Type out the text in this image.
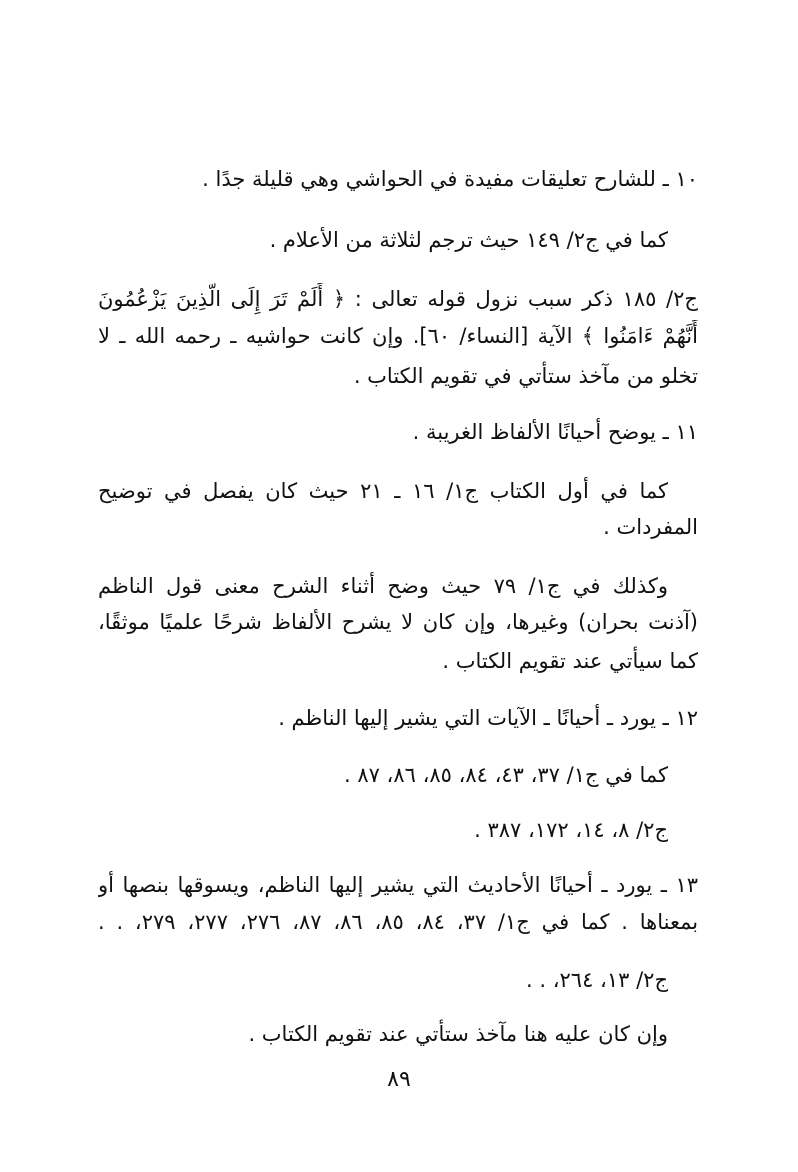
١٠ ـ للشارح تعليقات مفيدة في الحواشي وهي قليلة جدًا .
كما في ج٢/ ١٤٩ حيث ترجم لثلاثة من الأعلام .
ج٢/ ١٨٥ ذكر سبب نزول قوله تعالى : ﴿ أَلَمْ تَرَ إِلَى الَّذِينَ يَزْعُمُونَ
أَنَّهُمْ ءَامَنُوا ﴾ الآية [النساء/ ٦٠]. وإن كانت حواشيه ـ رحمه الله ـ لا
تخلو من مآخذ ستأتي في تقويم الكتاب .
١١ ـ يوضح أحيانًا الألفاظ الغريبة .
كما في أول الكتاب ج١/ ١٦ ـ ٢١ حيث كان يفصل في توضيح
المفردات .
وكذلك في ج١/ ٧٩ حيث وضح أثناء الشرح معنى قول الناظم
(آذنت بحران) وغيرها، وإن كان لا يشرح الألفاظ شرحًا علميًا موثقًا،
كما سيأتي عند تقويم الكتاب .
١٢ ـ يورد ـ أحيانًا ـ الآيات التي يشير إليها الناظم .
كما في ج١/ ٣٧، ٤٣، ٨٤، ٨٥، ٨٦، ٨٧ .
ج٢/ ٨، ١٤، ١٧٢، ٣٨٧ .
١٣ ـ يورد ـ أحيانًا الأحاديث التي يشير إليها الناظم، ويسوقها بنصها أو
بمعناها . كما في ج١/ ٣٧، ٨٤، ٨٥، ٨٦، ٨٧، ٢٧٦، ٢٧٧، ٢٧٩، . .
ج٢/ ١٣، ٢٦٤، . .
وإن كان عليه هنا مآخذ ستأتي عند تقويم الكتاب .
٨٩
